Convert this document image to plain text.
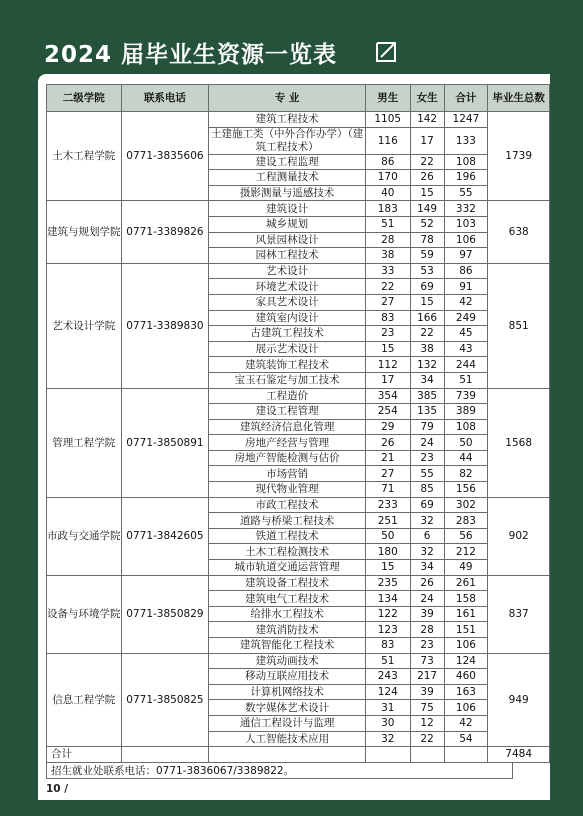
2024 届毕业生资源一览表
二级学院	联系电话	专 业	男生	女生	合计	毕业生总数
土木工程学院	0771-3835606	建筑工程技术	1105	142	1247	1739
		土建施工类（中外合作办学）（建筑工程技术）	116	17	133	
		建设工程监理	86	22	108	
		工程测量技术	170	26	196	
		摄影测量与遥感技术	40	15	55	
建筑与规划学院	0771-3389826	建筑设计	183	149	332	638
		城乡规划	51	52	103	
		风景园林设计	28	78	106	
		园林工程技术	38	59	97	
艺术设计学院	0771-3389830	艺术设计	33	53	86	851
		环境艺术设计	22	69	91	
		家具艺术设计	27	15	42	
		建筑室内设计	83	166	249	
		古建筑工程技术	23	22	45	
		展示艺术设计	15	38	43	
		建筑装饰工程技术	112	132	244	
		宝玉石鉴定与加工技术	17	34	51	
管理工程学院	0771-3850891	工程造价	354	385	739	1568
		建设工程管理	254	135	389	
		建筑经济信息化管理	29	79	108	
		房地产经营与管理	26	24	50	
		房地产智能检测与估价	21	23	44	
		市场营销	27	55	82	
		现代物业管理	71	85	156	
市政与交通学院	0771-3842605	市政工程技术	233	69	302	902
		道路与桥梁工程技术	251	32	283	
		铁道工程技术	50	6	56	
		土木工程检测技术	180	32	212	
		城市轨道交通运营管理	15	34	49	
设备与环境学院	0771-3850829	建筑设备工程技术	235	26	261	837
		建筑电气工程技术	134	24	158	
		给排水工程技术	122	39	161	
		建筑消防技术	123	28	151	
		建筑智能化工程技术	83	23	106	
信息工程学院	0771-3850825	建筑动画技术	51	73	124	949
		移动互联应用技术	243	217	460	
		计算机网络技术	124	39	163	
		数字媒体艺术设计	31	75	106	
		通信工程设计与监理	30	12	42	
		人工智能技术应用	32	22	54	
合计						7484
招生就业处联系电话：0771-3836067/3389822。
10 /
